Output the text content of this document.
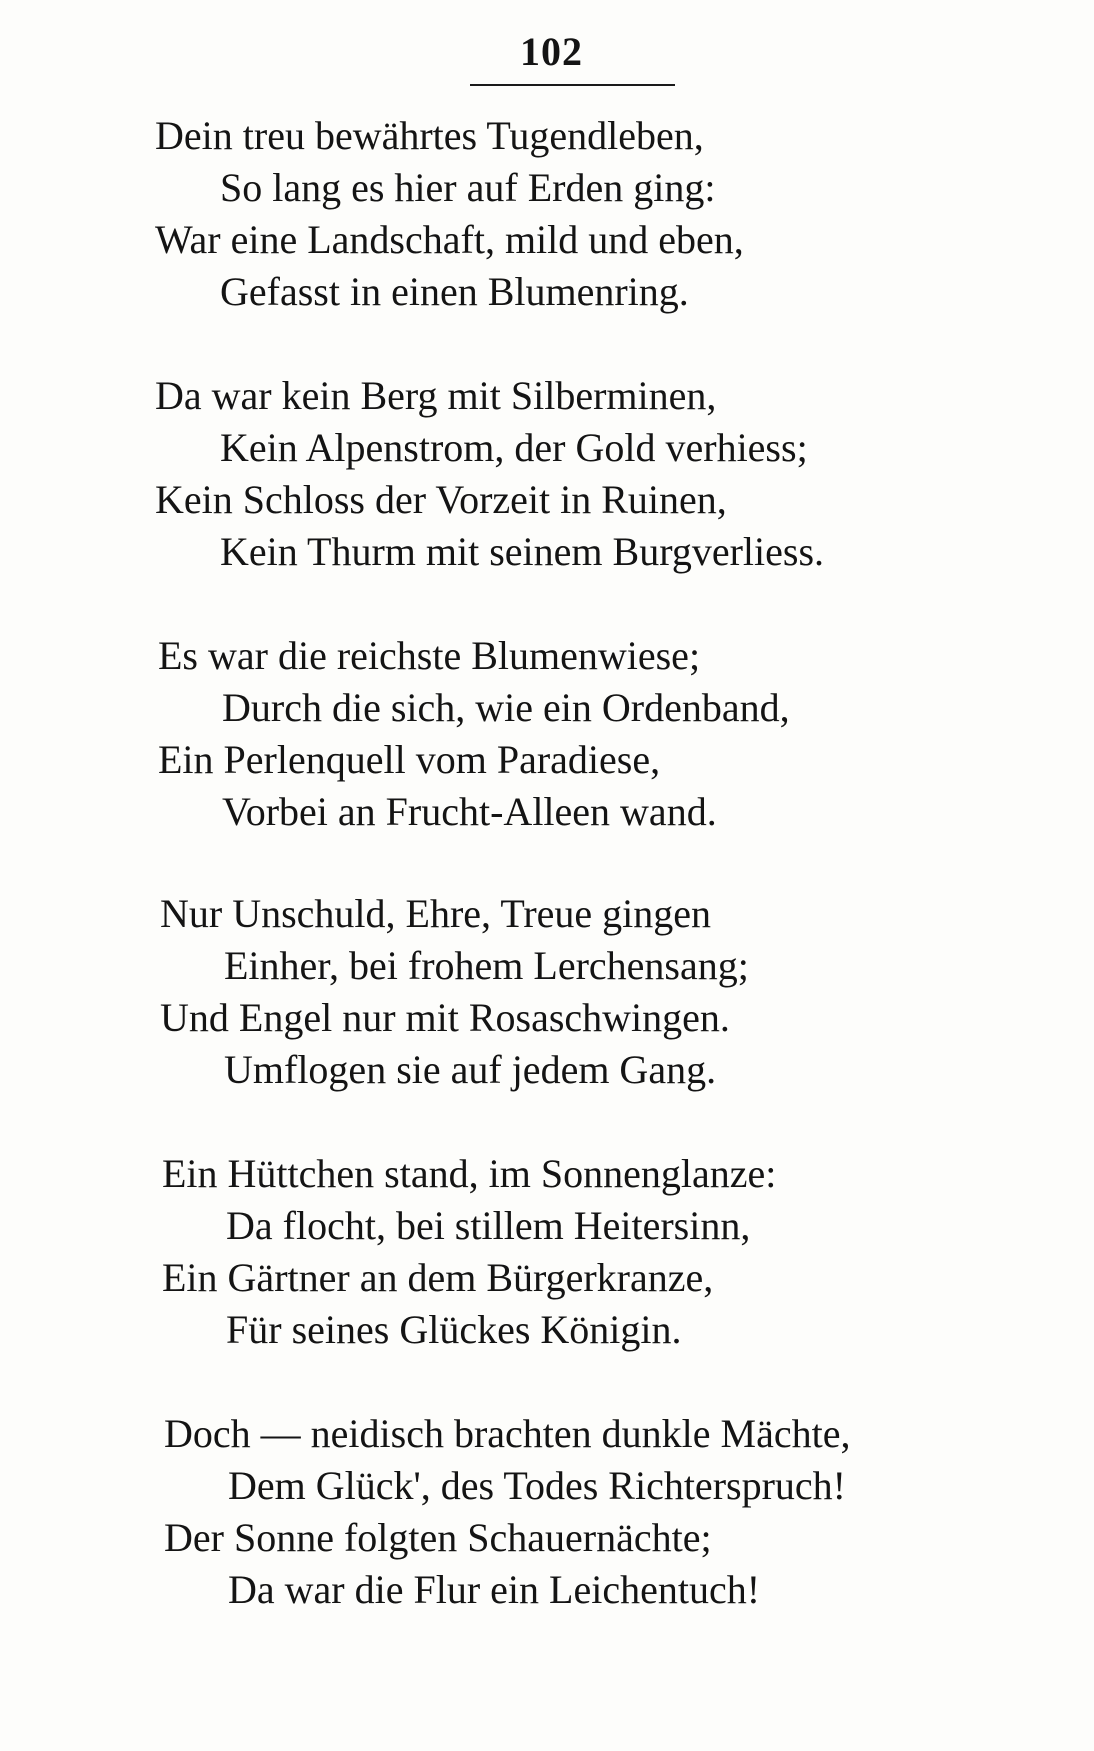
102
Dein treu bewährtes Tugendleben,
So lang es hier auf Erden ging:
War eine Landschaft, mild und eben,
Gefasst in einen Blumenring.
Da war kein Berg mit Silberminen,
Kein Alpenstrom, der Gold verhiess;
Kein Schloss der Vorzeit in Ruinen,
Kein Thurm mit seinem Burgverliess.
Es war die reichste Blumenwiese;
Durch die sich, wie ein Ordenband,
Ein Perlenquell vom Paradiese,
Vorbei an Frucht-Alleen wand.
Nur Unschuld, Ehre, Treue gingen
Einher, bei frohem Lerchensang;
Und Engel nur mit Rosaschwingen.
Umflogen sie auf jedem Gang.
Ein Hüttchen stand, im Sonnenglanze:
Da flocht, bei stillem Heitersinn,
Ein Gärtner an dem Bürgerkranze,
Für seines Glückes Königin.
Doch — neidisch brachten dunkle Mächte,
Dem Glück', des Todes Richterspruch!
Der Sonne folgten Schauernächte;
Da war die Flur ein Leichentuch!
